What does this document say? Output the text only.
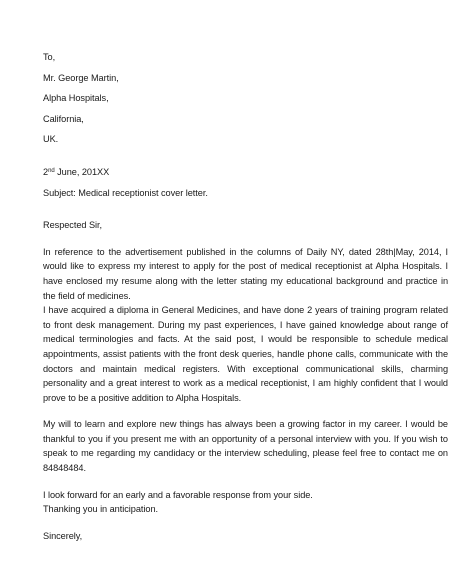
To,
Mr. George Martin,
Alpha Hospitals,
California,
UK.
2nd June, 201XX
Subject: Medical receptionist cover letter.
Respected Sir,
In reference to the advertisement published in the columns of Daily NY, dated 28th|May, 2014, I would like to express my interest to apply for the post of medical receptionist at Alpha Hospitals. I have enclosed my resume along with the letter stating my educational background and practice in the field of medicines.
I have acquired a diploma in General Medicines, and have done 2 years of training program related to front desk management. During my past experiences, I have gained knowledge about range of medical terminologies and facts. At the said post, I would be responsible to schedule medical appointments, assist patients with the front desk queries, handle phone calls, communicate with the doctors and maintain medical registers. With exceptional communicational skills, charming personality and a great interest to work as a medical receptionist, I am highly confident that I would prove to be a positive addition to Alpha Hospitals.
My will to learn and explore new things has always been a growing factor in my career. I would be thankful to you if you present me with an opportunity of a personal interview with you. If you wish to speak to me regarding my candidacy or the interview scheduling, please feel free to contact me on 84848484.
I look forward for an early and a favorable response from your side.
Thanking you in anticipation.
Sincerely,
